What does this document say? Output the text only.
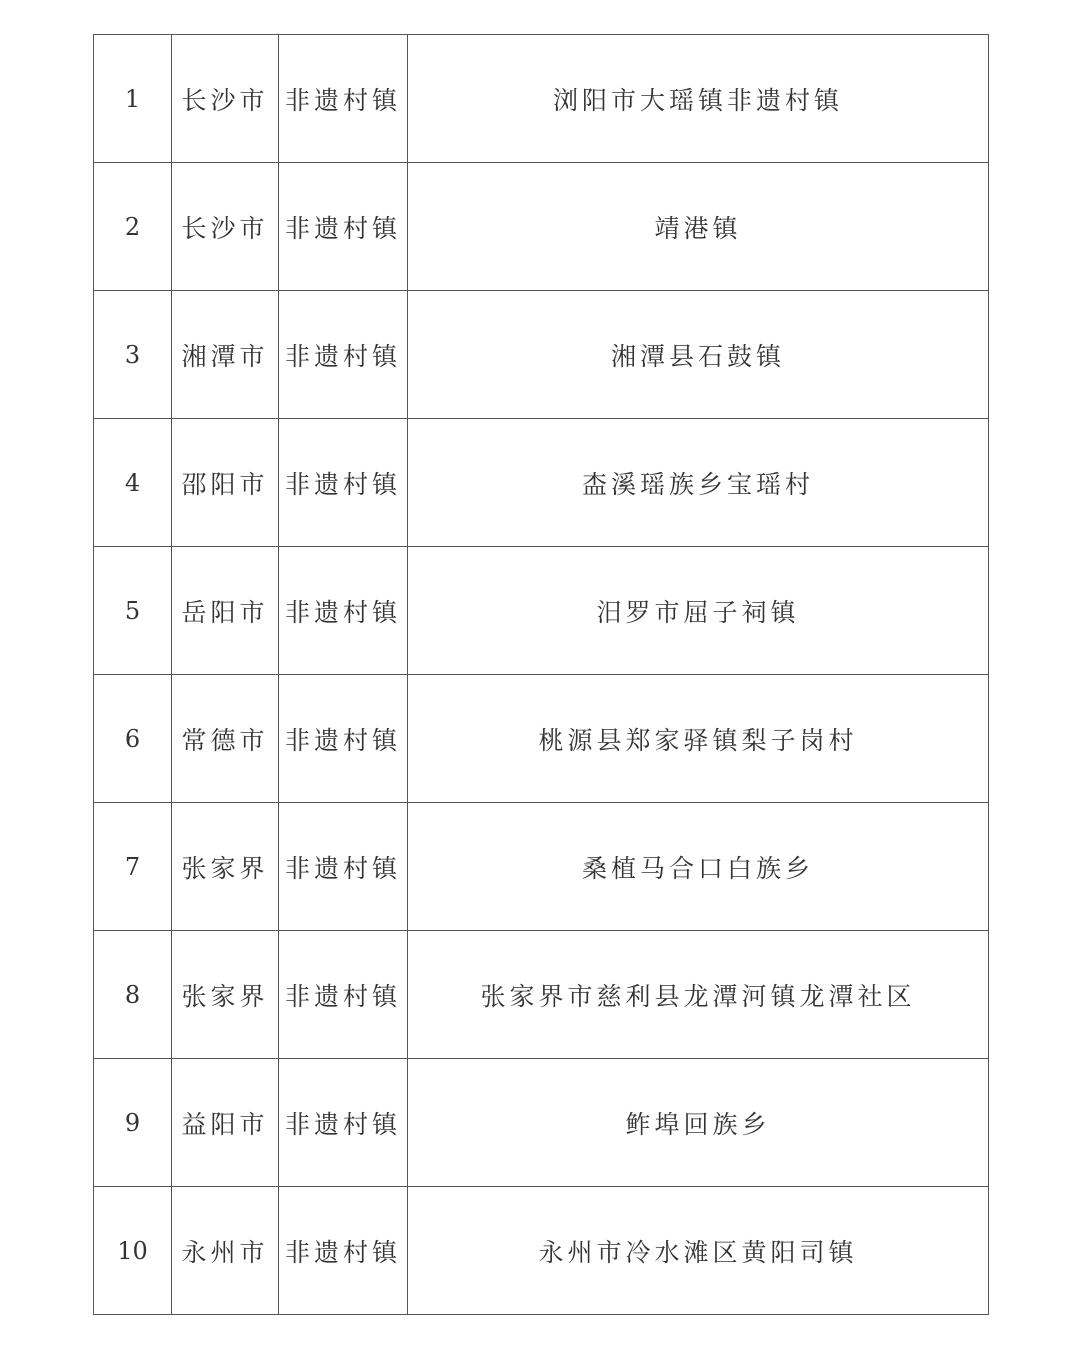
1	长沙市	非遗村镇	浏阳市大瑶镇非遗村镇
2	长沙市	非遗村镇	靖港镇
3	湘潭市	非遗村镇	湘潭县石鼓镇
4	邵阳市	非遗村镇	㭗溪瑶族乡宝瑶村
5	岳阳市	非遗村镇	汨罗市屈子祠镇
6	常德市	非遗村镇	桃源县郑家驿镇梨子岗村
7	张家界	非遗村镇	桑植马合口白族乡
8	张家界	非遗村镇	张家界市慈利县龙潭河镇龙潭社区
9	益阳市	非遗村镇	鲊埠回族乡
10	永州市	非遗村镇	永州市冷水滩区黄阳司镇
